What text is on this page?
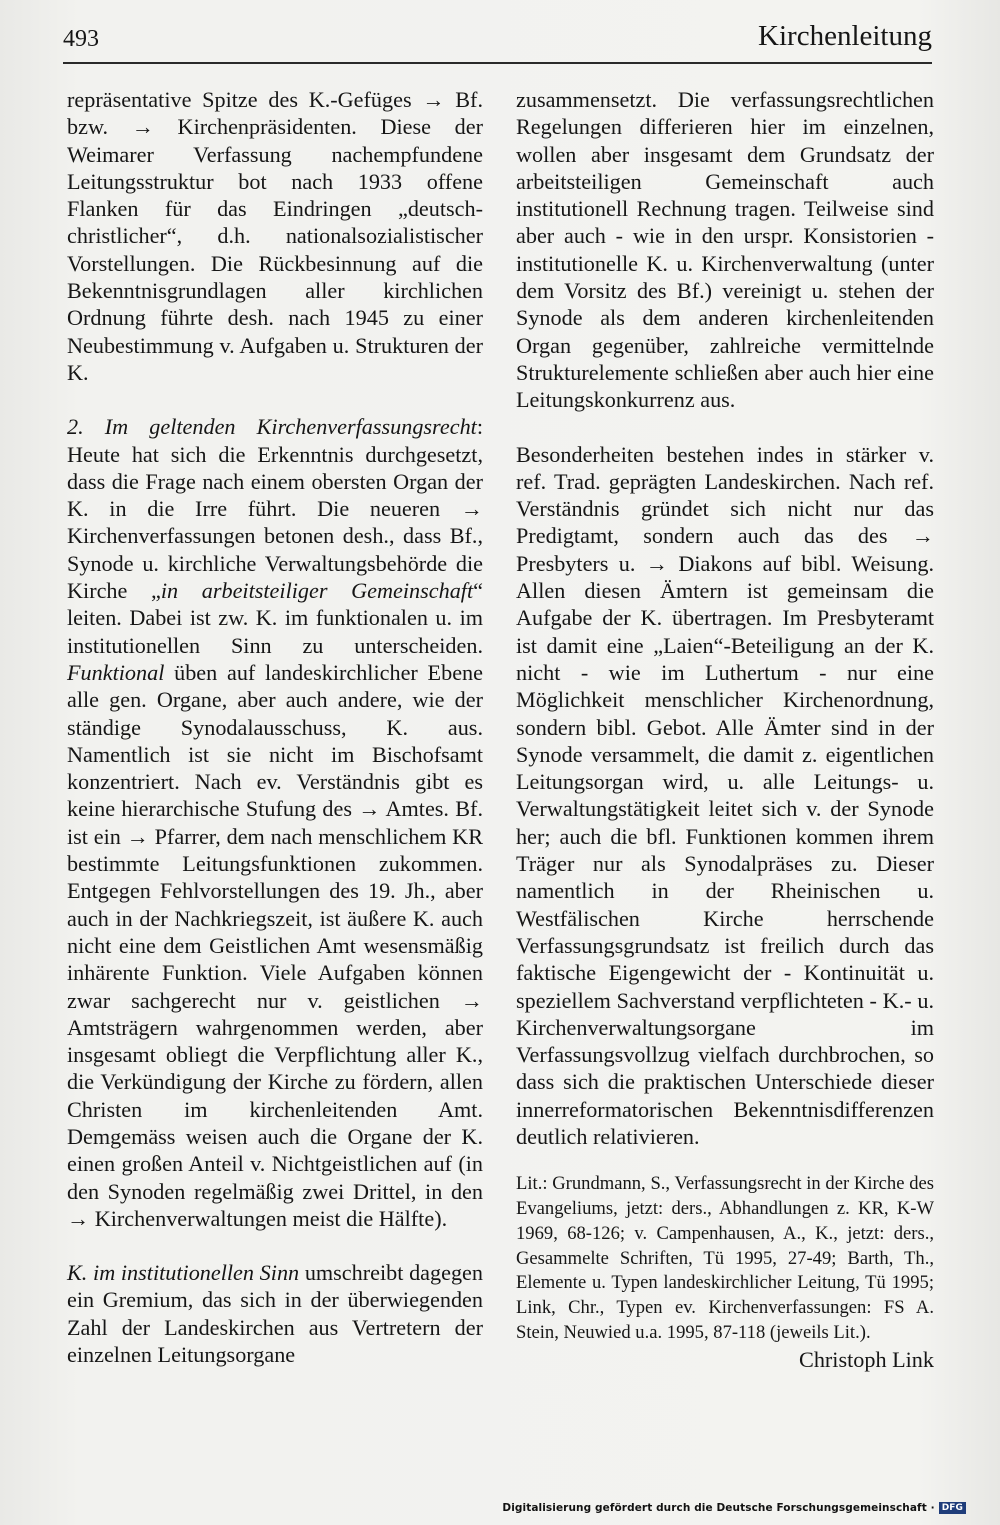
493	Kirchenleitung

repräsentative Spitze des K.-Gefüges → Bf. bzw. → Kirchenpräsidenten. Diese der Weimarer Verfassung nachempfundene Leitungsstruktur bot nach 1933 offene Flanken für das Eindringen „deutsch-christlicher“, d.h. nationalsozialistischer Vorstellungen. Die Rückbesinnung auf die Bekenntnisgrundlagen aller kirchlichen Ordnung führte desh. nach 1945 zu einer Neubestimmung v. Aufgaben u. Strukturen der K.

2. Im geltenden Kirchenverfassungsrecht: Heute hat sich die Erkenntnis durchgesetzt, dass die Frage nach einem obersten Organ der K. in die Irre führt. Die neueren → Kirchenverfassungen betonen desh., dass Bf., Synode u. kirchliche Verwaltungsbehörde die Kirche „in arbeitsteiliger Gemeinschaft“ leiten. Dabei ist zw. K. im funktionalen u. im institutionellen Sinn zu unterscheiden. Funktional üben auf landeskirchlicher Ebene alle gen. Organe, aber auch andere, wie der ständige Synodalausschuss, K. aus. Namentlich ist sie nicht im Bischofsamt konzentriert. Nach ev. Verständnis gibt es keine hierarchische Stufung des → Amtes. Bf. ist ein → Pfarrer, dem nach menschlichem KR bestimmte Leitungsfunktionen zukommen. Entgegen Fehlvorstellungen des 19. Jh., aber auch in der Nachkriegszeit, ist äußere K. auch nicht eine dem Geistlichen Amt wesensmäßig inhärente Funktion. Viele Aufgaben können zwar sachgerecht nur v. geistlichen → Amtsträgern wahrgenommen werden, aber insgesamt obliegt die Verpflichtung aller K., die Verkündigung der Kirche zu fördern, allen Christen im kirchenleitenden Amt. Demgemäss weisen auch die Organe der K. einen großen Anteil v. Nichtgeistlichen auf (in den Synoden regelmäßig zwei Drittel, in den → Kirchenverwaltungen meist die Hälfte).

K. im institutionellen Sinn umschreibt dagegen ein Gremium, das sich in der überwiegenden Zahl der Landeskirchen aus Vertretern der einzelnen Leitungsorgane

zusammensetzt. Die verfassungsrechtlichen Regelungen differieren hier im einzelnen, wollen aber insgesamt dem Grundsatz der arbeitsteiligen Gemeinschaft auch institutionell Rechnung tragen. Teilweise sind aber auch - wie in den urspr. Konsistorien - institutionelle K. u. Kirchenverwaltung (unter dem Vorsitz des Bf.) vereinigt u. stehen der Synode als dem anderen kirchenleitenden Organ gegenüber, zahlreiche vermittelnde Strukturelemente schließen aber auch hier eine Leitungskonkurrenz aus.

Besonderheiten bestehen indes in stärker v. ref. Trad. geprägten Landeskirchen. Nach ref. Verständnis gründet sich nicht nur das Predigtamt, sondern auch das des → Presbyters u. → Diakons auf bibl. Weisung. Allen diesen Ämtern ist gemeinsam die Aufgabe der K. übertragen. Im Presbyteramt ist damit eine „Laien“-Beteiligung an der K. nicht - wie im Luthertum - nur eine Möglichkeit menschlicher Kirchenordnung, sondern bibl. Gebot. Alle Ämter sind in der Synode versammelt, die damit z. eigentlichen Leitungsorgan wird, u. alle Leitungs- u. Verwaltungstätigkeit leitet sich v. der Synode her; auch die bfl. Funktionen kommen ihrem Träger nur als Synodalpräses zu. Dieser namentlich in der Rheinischen u. Westfälischen Kirche herrschende Verfassungsgrundsatz ist freilich durch das faktische Eigengewicht der - Kontinuität u. speziellem Sachverstand verpflichteten - K.- u. Kirchenverwaltungsorgane im Verfassungsvollzug vielfach durchbrochen, so dass sich die praktischen Unterschiede dieser innerreformatorischen Bekenntnisdifferenzen deutlich relativieren.

Lit.: Grundmann, S., Verfassungsrecht in der Kirche des Evangeliums, jetzt: ders., Abhandlungen z. KR, K-W 1969, 68-126; v. Campenhausen, A., K., jetzt: ders., Gesammelte Schriften, Tü 1995, 27-49; Barth, Th., Elemente u. Typen landeskirchlicher Leitung, Tü 1995; Link, Chr., Typen ev. Kirchenverfassungen: FS A. Stein, Neuwied u.a. 1995, 87-118 (jeweils Lit.).

Christoph Link

Digitalisierung gefördert durch die Deutsche Forschungsgemeinschaft · DFG
